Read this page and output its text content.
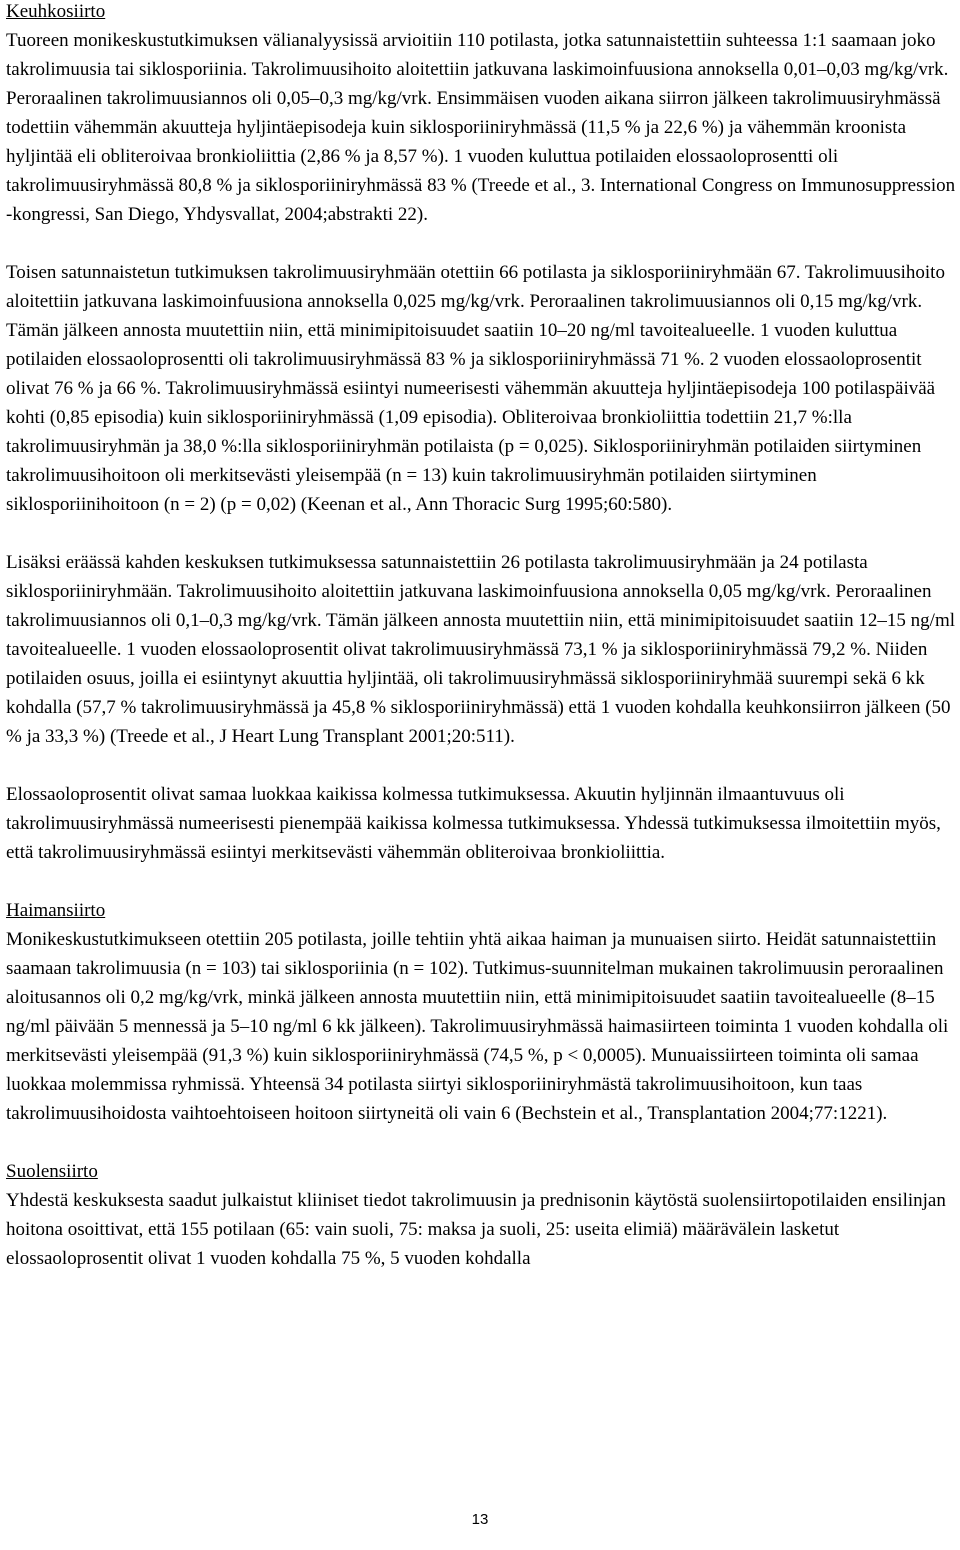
Keuhkosiirto

Tuoreen monikeskustutkimuksen välianalyysissä arvioitiin 110 potilasta, jotka satunnaistettiin suhteessa 1:1 saamaan joko takrolimuusia tai siklosporiinia. Takrolimuusihoito aloitettiin jatkuvana laskimoinfuusiona annoksella 0,01–0,03 mg/kg/vrk. Peroraalinen takrolimuusiannos oli 0,05–0,3 mg/kg/vrk. Ensimmäisen vuoden aikana siirron jälkeen takrolimuusiryhmässä todettiin vähemmän akuutteja hyljintäepisodeja kuin siklosporiiniryhmässä (11,5 % ja 22,6 %) ja vähemmän kroonista hyljintää eli obliteroivaa bronkioliittia (2,86 % ja 8,57 %). 1 vuoden kuluttua potilaiden elossaoloprosentti oli takrolimuusiryhmässä 80,8 % ja siklosporiiniryhmässä 83 % (Treede et al., 3. International Congress on Immunosuppression -kongressi, San Diego, Yhdysvallat, 2004;abstrakti 22).

Toisen satunnaistetun tutkimuksen takrolimuusiryhmään otettiin 66 potilasta ja siklosporiiniryhmään 67. Takrolimuusihoito aloitettiin jatkuvana laskimoinfuusiona annoksella 0,025 mg/kg/vrk. Peroraalinen takrolimuusiannos oli 0,15 mg/kg/vrk. Tämän jälkeen annosta muutettiin niin, että minimipitoisuudet saatiin 10–20 ng/ml tavoitealueelle. 1 vuoden kuluttua potilaiden elossaoloprosentti oli takrolimuusiryhmässä 83 % ja siklosporiiniryhmässä 71 %. 2 vuoden elossaoloprosentit olivat 76 % ja 66 %. Takrolimuusiryhmässä esiintyi numeerisesti vähemmän akuutteja hyljintäepisodeja 100 potilaspäivää kohti (0,85 episodia) kuin siklosporiiniryhmässä (1,09 episodia). Obliteroivaa bronkioliittia todettiin 21,7 %:lla takrolimuusiryhmän ja 38,0 %:lla siklosporiiniryhmän potilaista (p = 0,025). Siklosporiiniryhmän potilaiden siirtyminen takrolimuusihoitoon oli merkitsevästi yleisempää (n = 13) kuin takrolimuusiryhmän potilaiden siirtyminen siklosporiinihoitoon (n = 2) (p = 0,02) (Keenan et al., Ann Thoracic Surg 1995;60:580).

Lisäksi eräässä kahden keskuksen tutkimuksessa satunnaistettiin 26 potilasta takrolimuusiryhmään ja 24 potilasta siklosporiiniryhmään. Takrolimuusihoito aloitettiin jatkuvana laskimoinfuusiona annoksella 0,05 mg/kg/vrk. Peroraalinen takrolimuusiannos oli 0,1–0,3 mg/kg/vrk. Tämän jälkeen annosta muutettiin niin, että minimipitoisuudet saatiin 12–15 ng/ml tavoitealueelle. 1 vuoden elossaoloprosentit olivat takrolimuusiryhmässä 73,1 % ja siklosporiiniryhmässä 79,2 %. Niiden potilaiden osuus, joilla ei esiintynyt akuuttia hyljintää, oli takrolimuusiryhmässä siklosporiiniryhmää suurempi sekä 6 kk kohdalla (57,7 % takrolimuusiryhmässä ja 45,8 % siklosporiiniryhmässä) että 1 vuoden kohdalla keuhkonsiirron jälkeen (50 % ja 33,3 %) (Treede et al., J Heart Lung Transplant 2001;20:511).

Elossaoloprosentit olivat samaa luokkaa kaikissa kolmessa tutkimuksessa. Akuutin hyljinnän ilmaantuvuus oli takrolimuusiryhmässä numeerisesti pienempää kaikissa kolmessa tutkimuksessa. Yhdessä tutkimuksessa ilmoitettiin myös, että takrolimuusiryhmässä esiintyi merkitsevästi vähemmän obliteroivaa bronkioliittia.

Haimansiirto

Monikeskustutkimukseen otettiin 205 potilasta, joille tehtiin yhtä aikaa haiman ja munuaisen siirto. Heidät satunnaistettiin saamaan takrolimuusia (n = 103) tai siklosporiinia (n = 102). Tutkimus-suunnitelman mukainen takrolimuusin peroraalinen aloitusannos oli 0,2 mg/kg/vrk, minkä jälkeen annosta muutettiin niin, että minimipitoisuudet saatiin tavoitealueelle (8–15 ng/ml päivään 5 mennessä ja 5–10 ng/ml 6 kk jälkeen). Takrolimuusiryhmässä haimasiirteen toiminta 1 vuoden kohdalla oli merkitsevästi yleisempää (91,3 %) kuin siklosporiiniryhmässä (74,5 %, p < 0,0005). Munuaissiirteen toiminta oli samaa luokkaa molemmissa ryhmissä. Yhteensä 34 potilasta siirtyi siklosporiiniryhmästä takrolimuusihoitoon, kun taas takrolimuusihoidosta vaihtoehtoiseen hoitoon siirtyneitä oli vain 6 (Bechstein et al., Transplantation 2004;77:1221).

Suolensiirto

Yhdestä keskuksesta saadut julkaistut kliiniset tiedot takrolimuusin ja prednisonin käytöstä suolensiirtopotilaiden ensilinjan hoitona osoittivat, että 155 potilaan (65: vain suoli, 75: maksa ja suoli, 25: useita elimiä) määrävälein lasketut elossaoloprosentit olivat 1 vuoden kohdalla 75 %, 5 vuoden kohdalla

13
